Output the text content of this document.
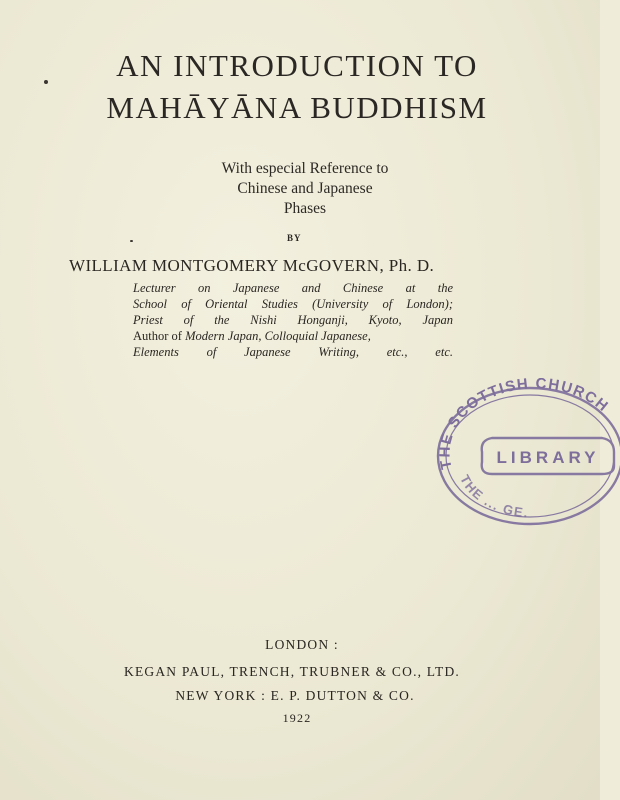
AN INTRODUCTION TO
MAHĀYĀNA BUDDHISM
With especial Reference to
Chinese and Japanese
Phases
BY
WILLIAM MONTGOMERY McGOVERN, Ph. D.
Lecturer on Japanese and Chinese at the
School of Oriental Studies (University of London);
Priest of the Nishi Honganji, Kyoto, Japan
Author of Modern Japan, Colloquial Japanese,
Elements of Japanese Writing, etc., etc.
THE SCOTTISH CHURCH
LIBRARY
THE ... GE.
LONDON :
KEGAN PAUL, TRENCH, TRUBNER & CO., LTD.
NEW YORK : E. P. DUTTON & CO.
1922
